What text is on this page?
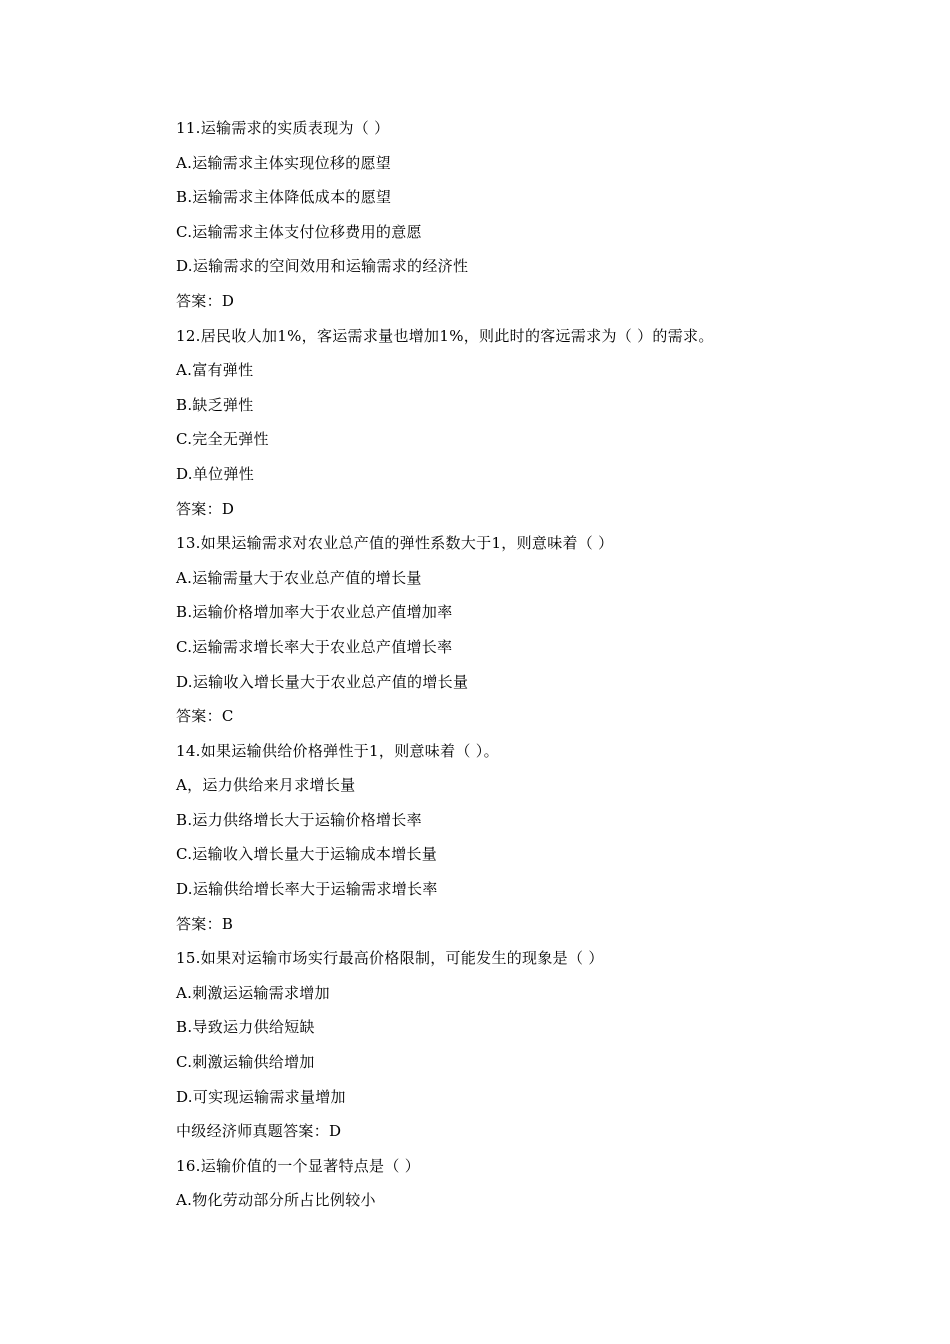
11.运输需求的实质表现为（ ）
A.运输需求主体实现位移的愿望
B.运输需求主体降低成本的愿望
C.运输需求主体支付位移费用的意愿
D.运输需求的空间效用和运输需求的经济性
答案：D
12.居民收人加1%，客运需求量也增加1%，则此时的客远需求为（ ）的需求。
A.富有弹性
B.缺乏弹性
C.完全无弹性
D.单位弹性
答案：D
13.如果运输需求对农业总产值的弹性系数大于1，则意味着（ ）
A.运输需量大于农业总产值的增长量
B.运输价格增加率大于农业总产值增加率
C.运输需求增长率大于农业总产值增长率
D.运输收入增长量大于农业总产值的增长量
答案：C
14.如果运输供给价格弹性于1，则意味着（ ）。
A，运力供给来月求增长量
B.运力供络增长大于运输价格增长率
C.运输收入增长量大于运输成本增长量
D.运输供给增长率大于运输需求增长率
答案：B
15.如果对运输市场实行最高价格限制，可能发生的现象是（ ）
A.刺激运运输需求增加
B.导致运力供给短缺
C.刺激运输供给增加
D.可实现运输需求量增加
中级经济师真题答案：D
16.运输价值的一个显著特点是（ ）
A.物化劳动部分所占比例较小
